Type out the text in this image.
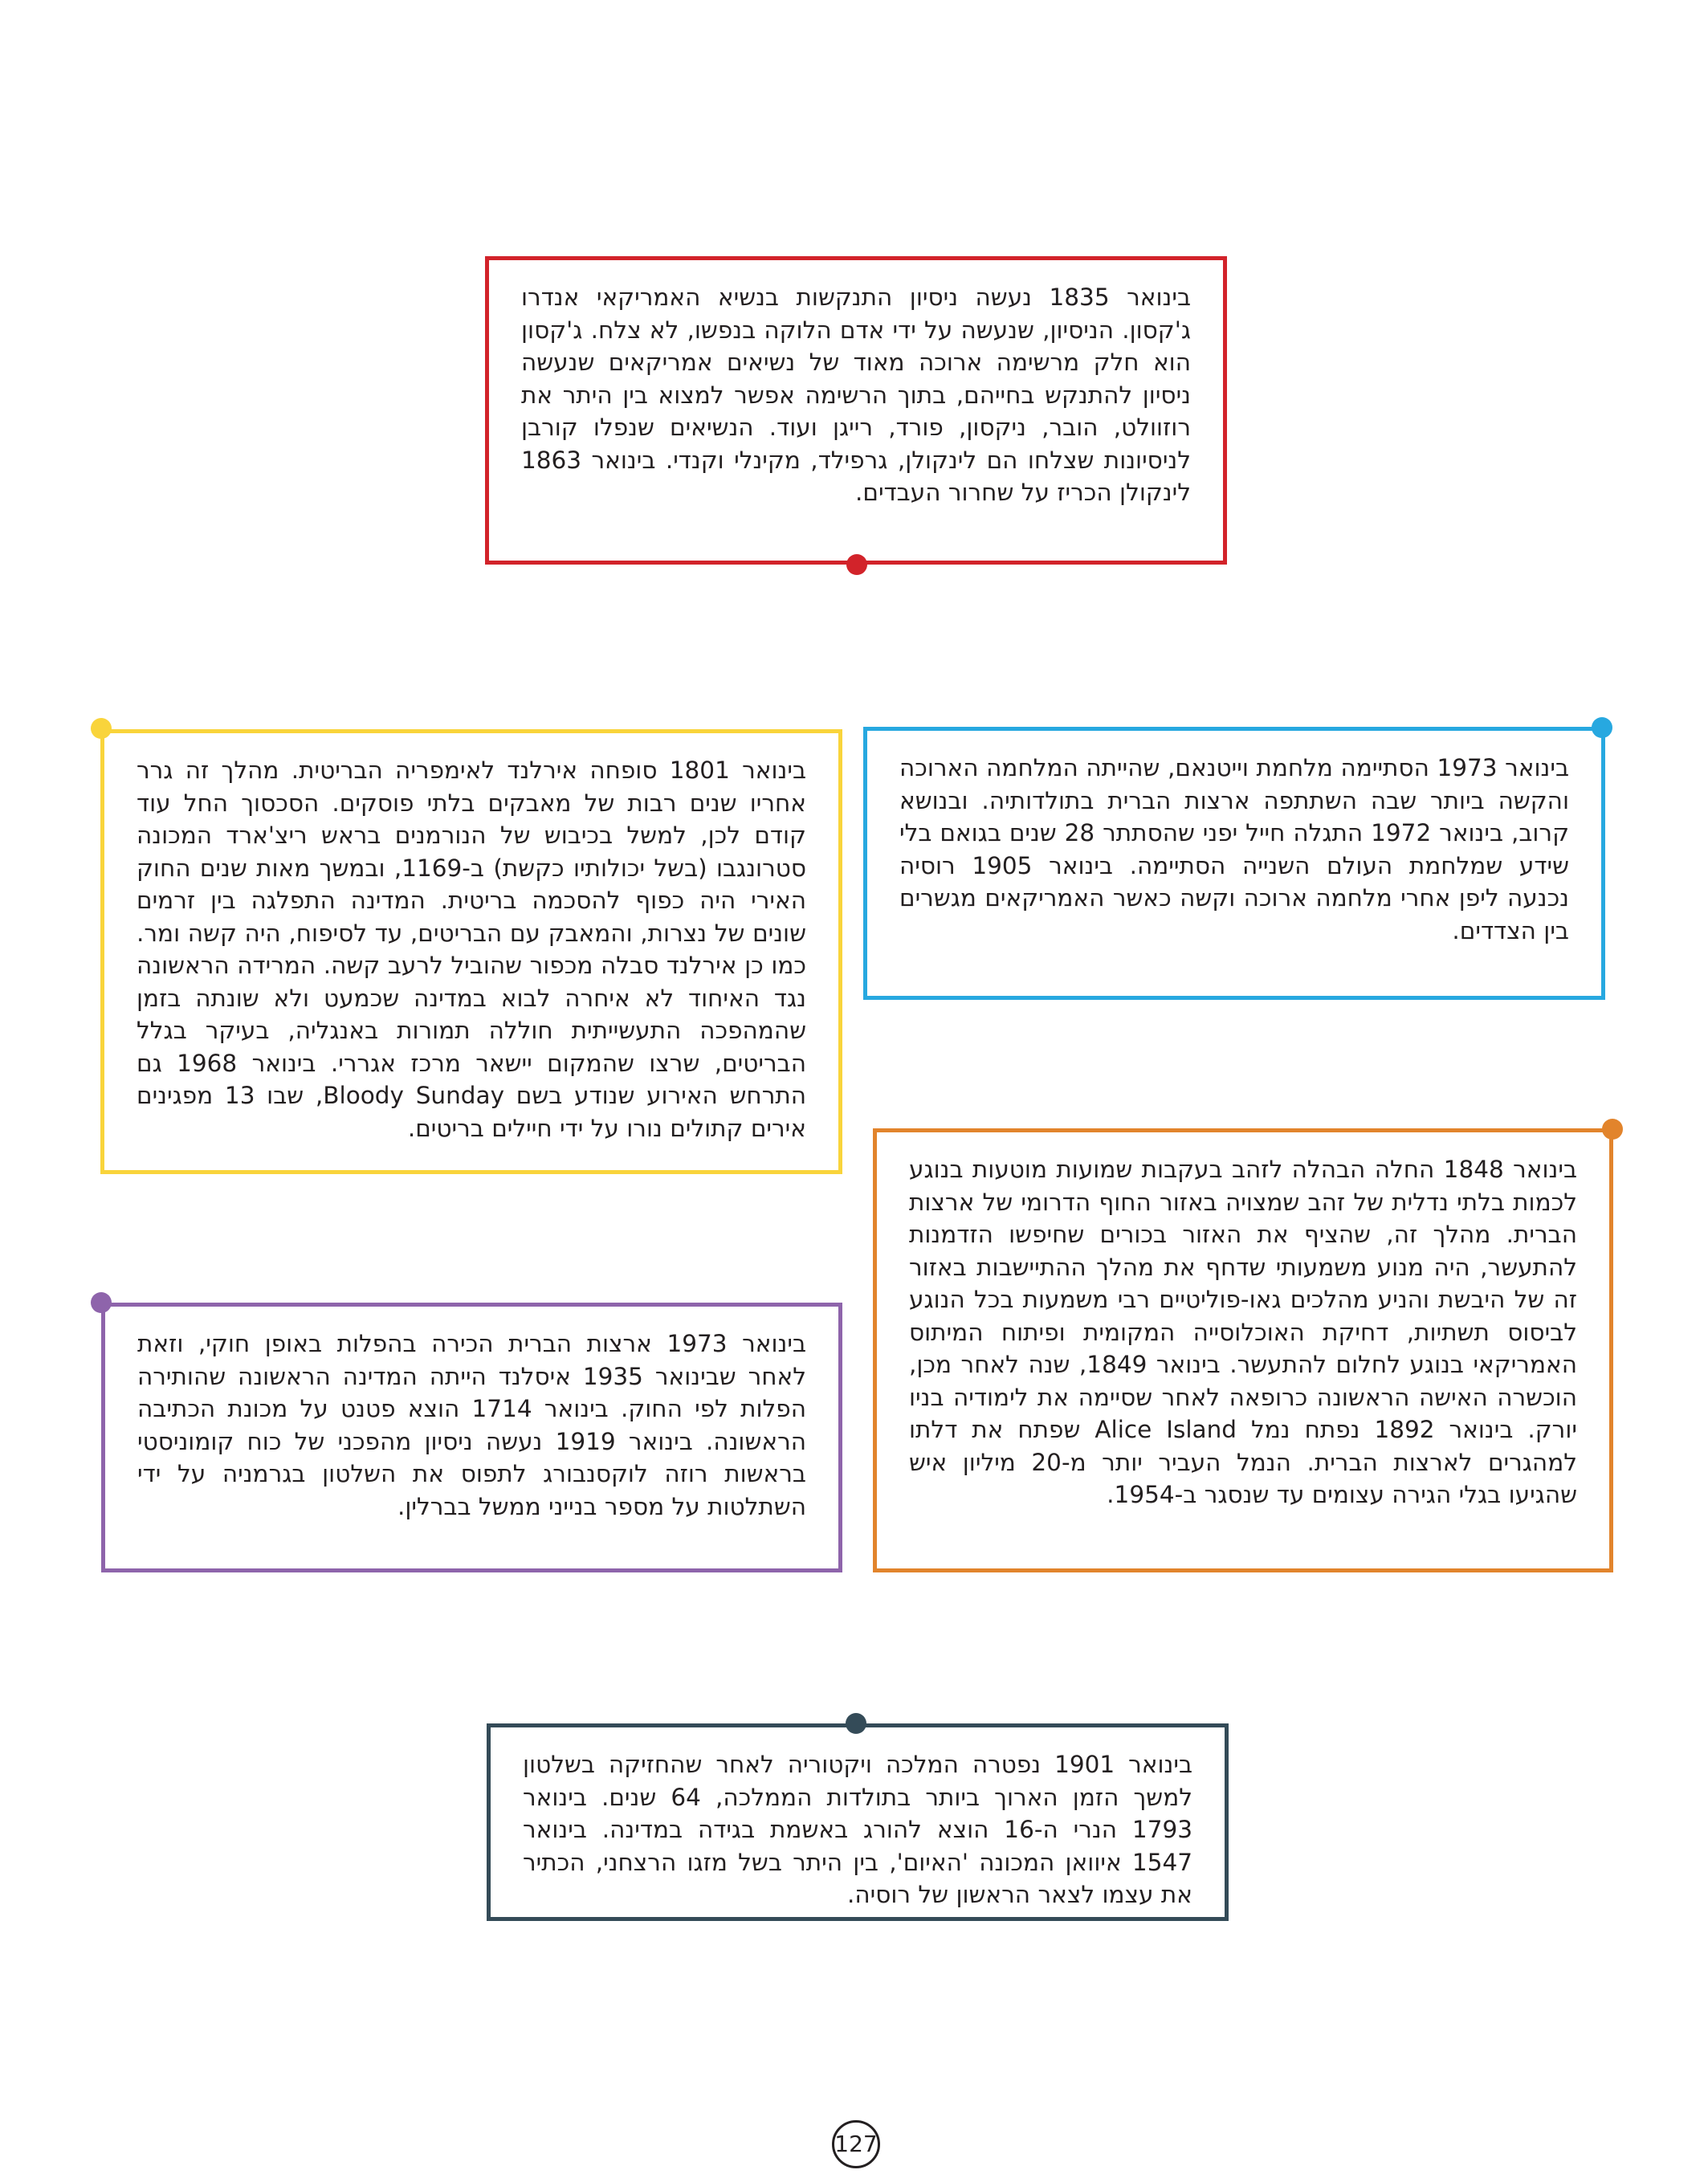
בינואר 1835 נעשה ניסיון התנקשות בנשיא האמריקאי אנדרו ג'קסון. הניסיון, שנעשה על ידי אדם הלוקה בנפשו, לא צלח. ג'קסון הוא חלק מרשימה ארוכה מאוד של נשיאים אמריקאים שנעשה ניסיון להתנקש בחייהם, בתוך הרשימה אפשר למצוא בין היתר את רוזוולט, הובר, ניקסון, פורד, רייגן ועוד. הנשיאים שנפלו קורבן לניסיונות שצלחו הם לינקולן, גרפילד, מקינלי וקנדי. בינואר 1863 לינקולן הכריז על שחרור העבדים.

בינואר 1801 סופחה אירלנד לאימפריה הבריטית. מהלך זה גרר אחריו שנים רבות של מאבקים בלתי פוסקים. הסכסוך החל עוד קודם לכן, למשל בכיבוש של הנורמנים בראש ריצ'ארד המכונה סטרונגבו (בשל יכולותיו כקשת) ב-1169, ובמשך מאות שנים החוק האירי היה כפוף להסכמה בריטית. המדינה התפלגה בין זרמים שונים של נצרות, והמאבק עם הבריטים, עד לסיפוח, היה קשה ומר. כמו כן אירלנד סבלה מכפור שהוביל לרעב קשה. המרידה הראשונה נגד האיחוד לא איחרה לבוא במדינה שכמעט ולא שונתה בזמן שהמהפכה התעשייתית חוללה תמורות באנגליה, בעיקר בגלל הבריטים, שרצו שהמקום יישאר מרכז אגררי. בינואר 1968 גם התרחש האירוע שנודע בשם Bloody Sunday, שבו 13 מפגינים אירים קתולים נורו על ידי חיילים בריטים.

בינואר 1973 הסתיימה מלחמת וייטנאם, שהייתה המלחמה הארוכה והקשה ביותר שבה השתתפה ארצות הברית בתולדותיה. ובנושא קרוב, בינואר 1972 התגלה חייל יפני שהסתתר 28 שנים בגואם בלי שידע שמלחמת העולם השנייה הסתיימה. בינואר 1905 רוסיה נכנעה ליפן אחרי מלחמה ארוכה וקשה כאשר האמריקאים מגשרים בין הצדדים.

בינואר 1848 החלה הבהלה לזהב בעקבות שמועות מוטעות בנוגע לכמות בלתי נדלית של זהב שמצויה באזור החוף הדרומי של ארצות הברית. מהלך זה, שהציף את האזור בכורים שחיפשו הזדמנות להתעשר, היה מנוע משמעותי שדחף את מהלך ההתיישבות באזור זה של היבשת והניע מהלכים גאו-פוליטיים רבי משמעות בכל הנוגע לביסוס תשתיות, דחיקת האוכלוסייה המקומית ופיתוח המיתוס האמריקאי בנוגע לחלום להתעשר. בינואר 1849, שנה לאחר מכן, הוכשרה האישה הראשונה כרופאה לאחר שסיימה את לימודיה בניו יורק. בינואר 1892 נפתח נמל Alice Island שפתח את דלתו למהגרים לארצות הברית. הנמל העביר יותר מ-20 מיליון איש שהגיעו בגלי הגירה עצומים עד שנסגר ב-1954.

בינואר 1973 ארצות הברית הכירה בהפלות באופן חוקי, וזאת לאחר שבינואר 1935 איסלנד הייתה המדינה הראשונה שהותירה הפלות לפי החוק. בינואר 1714 הוצא פטנט על מכונת הכתיבה הראשונה. בינואר 1919 נעשה ניסיון מהפכני של כוח קומוניסטי בראשות רוזה לוקסנבורג לתפוס את השלטון בגרמניה על ידי השתלטות על מספר בנייני ממשל בברלין.

בינואר 1901 נפטרה המלכה ויקטוריה לאחר שהחזיקה בשלטון למשך הזמן הארוך ביותר בתולדות הממלכה, 64 שנים. בינואר 1793 הנרי ה-16 הוצא להורג באשמת בגידה במדינה. בינואר 1547 איוואן המכונה 'האיום', בין היתר בשל מזגו הרצחני, הכתיר את עצמו לצאר הראשון של רוסיה.

127
